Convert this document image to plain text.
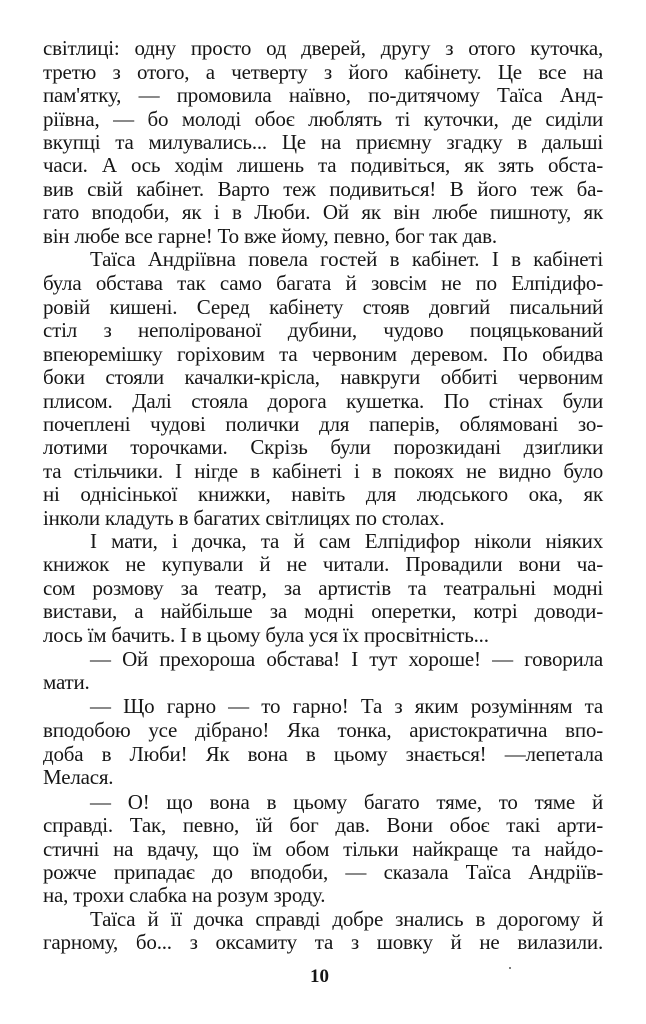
світлиці: одну просто од дверей, другу з отого куточка,
третю з отого, а четверту з його кабінету. Це все на
пам'ятку, — промовила наївно, по-дитячому Таїса Анд-
ріївна, — бо молоді обоє люблять ті куточки, де сиділи
вкупці та милувались... Це на приємну згадку в дальші
часи. А ось ходім лишень та подивіться, як зять обста-
вив свій кабінет. Варто теж подивиться! В його теж ба-
гато вподоби, як і в Люби. Ой як він любе пишноту, як
він любе все гарне! То вже йому, певно, бог так дав.
Таїса Андріївна повела гостей в кабінет. І в кабінеті
була обстава так само багата й зовсім не по Елпідифо-
ровій кишені. Серед кабінету стояв довгий писальний
стіл з неполірованої дубини, чудово поцяцькований
впеюремішку горіховим та червоним деревом. По обидва
боки стояли качалки-крісла, навкруги оббиті червоним
плисом. Далі стояла дорога кушетка. По стінах були
почеплені чудові полички для паперів, облямовані зо-
лотими торочками. Скрізь були порозкидані дзиґлики
та стільчики. І нігде в кабінеті і в покоях не видно було
ні однісінької книжки, навіть для людського ока, як
інколи кладуть в багатих світлицях по столах.
І мати, і дочка, та й сам Елпідифор ніколи ніяких
книжок не купували й не читали. Провадили вони ча-
сом розмову за театр, за артистів та театральні модні
вистави, а найбільше за модні оперетки, котрі доводи-
лось їм бачить. І в цьому була уся їх просвітність...
— Ой прехороша обстава! І тут хороше! — говорила
мати.
— Що гарно — то гарно! Та з яким розумінням та
вподобою усе дібрано! Яка тонка, аристократична впо-
доба в Люби! Як вона в цьому знається! —лепетала
Мелася.
— О! що вона в цьому багато тяме, то тяме й
справді. Так, певно, їй бог дав. Вони обоє такі арти-
стичні на вдачу, що їм обом тільки найкраще та найдо-
рожче припадає до вподоби, — сказала Таїса Андріїв-
на, трохи слабка на розум зроду.
Таїса й її дочка справді добре знались в дорогому й
гарному, бо... з оксамиту та з шовку й не вилазили.
10
